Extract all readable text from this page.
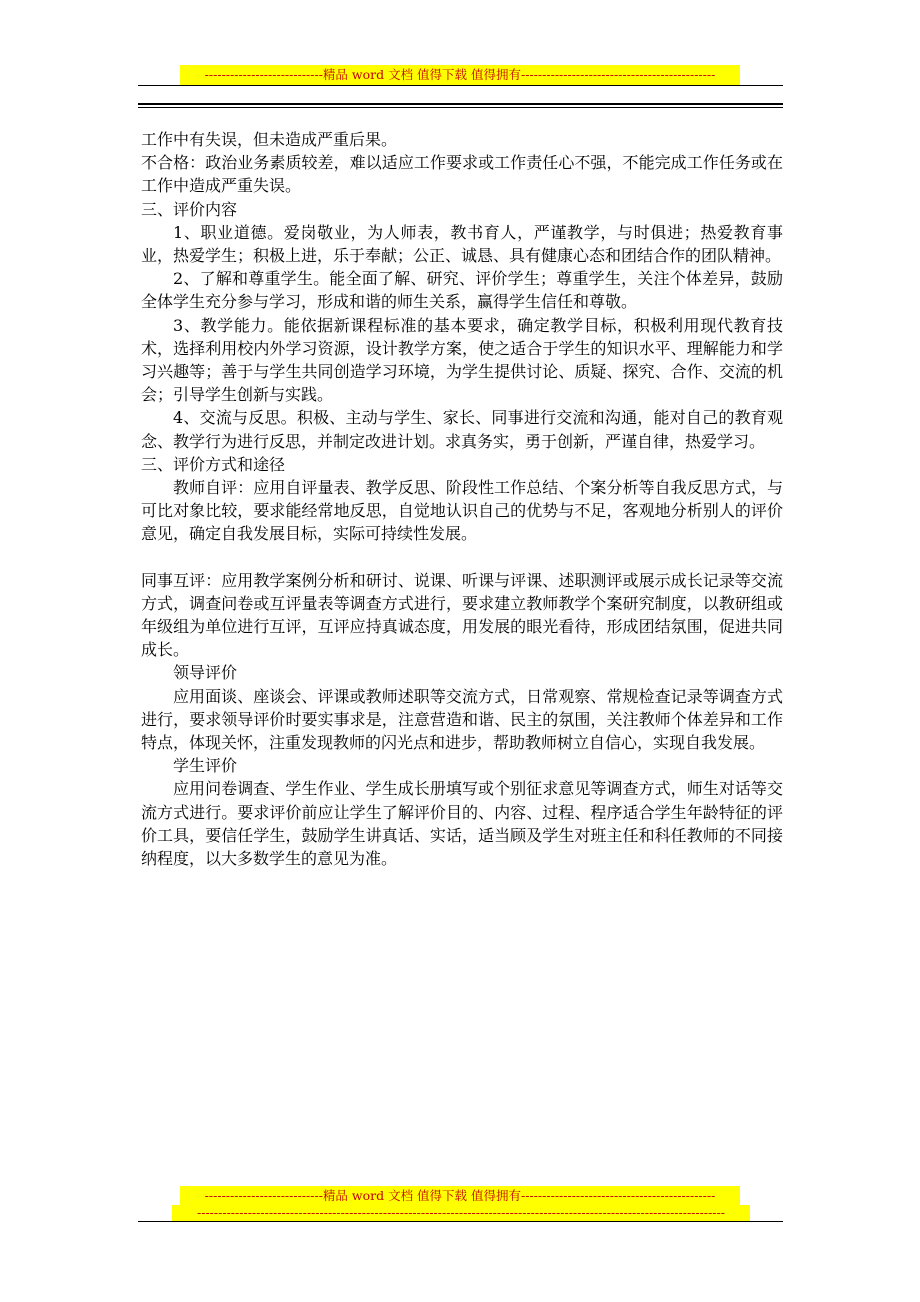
----------------------------精品 word 文档 值得下载 值得拥有----------------------------------------------

工作中有失误，但未造成严重后果。

不合格：政治业务素质较差，难以适应工作要求或工作责任心不强，不能完成工作任务或在工作中造成严重失误。

三、评价内容

1、职业道德。爱岗敬业，为人师表，教书育人，严谨教学，与时俱进；热爱教育事业，热爱学生；积极上进，乐于奉献；公正、诚恳、具有健康心态和团结合作的团队精神。

2、了解和尊重学生。能全面了解、研究、评价学生；尊重学生，关注个体差异，鼓励全体学生充分参与学习，形成和谐的师生关系，赢得学生信任和尊敬。

3、教学能力。能依据新课程标准的基本要求，确定教学目标，积极利用现代教育技术，选择利用校内外学习资源，设计教学方案，使之适合于学生的知识水平、理解能力和学习兴趣等；善于与学生共同创造学习环境，为学生提供讨论、质疑、探究、合作、交流的机会；引导学生创新与实践。

4、交流与反思。积极、主动与学生、家长、同事进行交流和沟通，能对自己的教育观念、教学行为进行反思，并制定改进计划。求真务实，勇于创新，严谨自律，热爱学习。

三、评价方式和途径

教师自评：应用自评量表、教学反思、阶段性工作总结、个案分析等自我反思方式，与可比对象比较，要求能经常地反思，自觉地认识自己的优势与不足，客观地分析别人的评价意见，确定自我发展目标，实际可持续性发展。

同事互评：应用教学案例分析和研讨、说课、听课与评课、述职测评或展示成长记录等交流方式，调查问卷或互评量表等调查方式进行，要求建立教师教学个案研究制度，以教研组或年级组为单位进行互评，互评应持真诚态度，用发展的眼光看待，形成团结氛围，促进共同成长。

领导评价

应用面谈、座谈会、评课或教师述职等交流方式，日常观察、常规检查记录等调查方式进行，要求领导评价时要实事求是，注意营造和谐、民主的氛围，关注教师个体差异和工作特点，体现关怀，注重发现教师的闪光点和进步，帮助教师树立自信心，实现自我发展。

学生评价

应用问卷调查、学生作业、学生成长册填写或个别征求意见等调查方式，师生对话等交流方式进行。要求评价前应让学生了解评价目的、内容、过程、程序适合学生年龄特征的评价工具，要信任学生，鼓励学生讲真话、实话，适当顾及学生对班主任和科任教师的不同接纳程度，以大多数学生的意见为准。

----------------------------精品 word 文档 值得下载 值得拥有----------------------------------------------
-----------------------------------------------------------------------------------------------------------------------------
